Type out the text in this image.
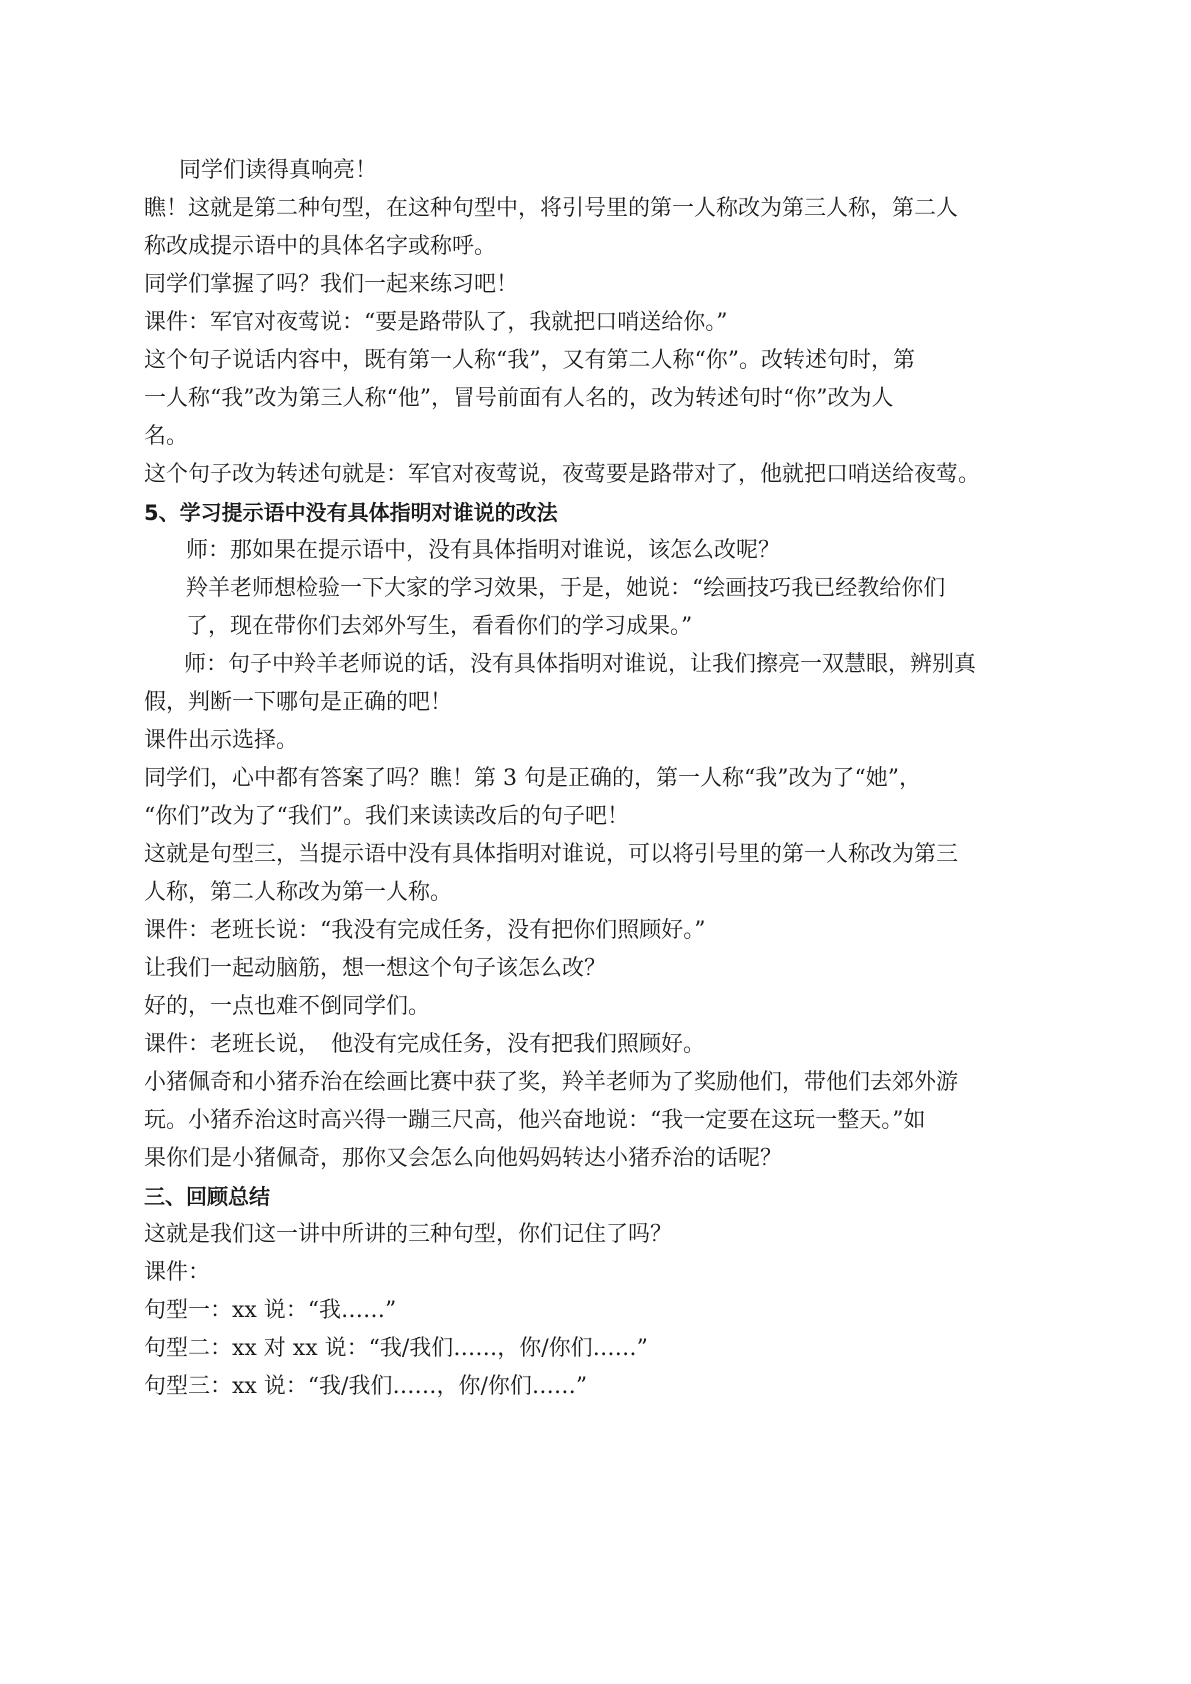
同学们读得真响亮！

瞧！这就是第二种句型，在这种句型中，将引号里的第一人称改为第三人称，第二人

称改成提示语中的具体名字或称呼。

同学们掌握了吗？我们一起来练习吧！

课件：军官对夜莺说：“要是路带队了，我就把口哨送给你。”

这个句子说话内容中，既有第一人称“我”，又有第二人称“你”。改转述句时，第

一人称“我”改为第三人称“他”，冒号前面有人名的，改为转述句时“你”改为人

名。

这个句子改为转述句就是：军官对夜莺说，夜莺要是路带对了，他就把口哨送给夜莺。

5、学习提示语中没有具体指明对谁说的改法

师：那如果在提示语中，没有具体指明对谁说，该怎么改呢？

羚羊老师想检验一下大家的学习效果，于是，她说：“绘画技巧我已经教给你们

了，现在带你们去郊外写生，看看你们的学习成果。”

师：句子中羚羊老师说的话，没有具体指明对谁说，让我们擦亮一双慧眼，辨别真

假，判断一下哪句是正确的吧！

课件出示选择。

同学们，心中都有答案了吗？瞧！第 3 句是正确的，第一人称“我”改为了“她”，

“你们”改为了“我们”。我们来读读改后的句子吧！

这就是句型三，当提示语中没有具体指明对谁说，可以将引号里的第一人称改为第三

人称，第二人称改为第一人称。

课件：老班长说：“我没有完成任务，没有把你们照顾好。”

让我们一起动脑筋，想一想这个句子该怎么改？

好的，一点也难不倒同学们。

课件：老班长说，　他没有完成任务，没有把我们照顾好。

小猪佩奇和小猪乔治在绘画比赛中获了奖，羚羊老师为了奖励他们，带他们去郊外游

玩。小猪乔治这时高兴得一蹦三尺高，他兴奋地说：“我一定要在这玩一整天。”如

果你们是小猪佩奇，那你又会怎么向他妈妈转达小猪乔治的话呢？

三、回顾总结

这就是我们这一讲中所讲的三种句型，你们记住了吗？

课件：

句型一：xx 说：“我……”

句型二：xx 对 xx 说：“我/我们……，你/你们……”

句型三：xx 说：“我/我们……，你/你们……”
